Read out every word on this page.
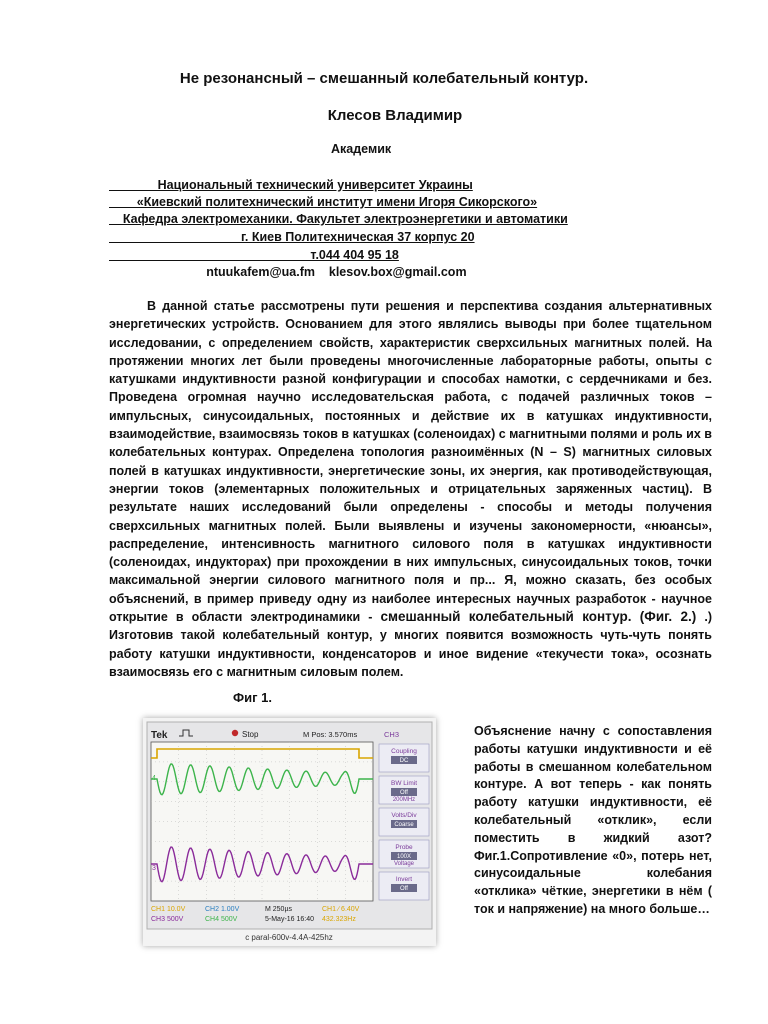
Не резонансный – смешанный колебательный контур.
Клесов Владимир
Академик
Национальный технический университет Украины
«Киевский политехнический институт имени Игоря Сикорского»
Кафедра электромеханики. Факультет электроэнергетики и автоматики
г. Киев Политехническая 37 корпус 20
т.044 404 95 18
ntuukafem@ua.fm    klesov.box@gmail.com

В данной статье рассмотрены пути решения и перспектива создания альтернативных энергетических устройств. Основанием для этого являлись выводы при более тщательном исследовании, с определением свойств, характеристик сверхсильных магнитных полей. На протяжении многих лет были проведены многочисленные лабораторные работы, опыты с катушками индуктивности разной конфигурации и способах намотки, с сердечниками и без. Проведена огромная научно исследовательская работа, с подачей различных токов – импульсных, синусоидальных, постоянных и действие их в катушках индуктивности, взаимодействие, взаимосвязь токов в катушках (соленоидах) с магнитными полями и роль их в колебательных контурах. Определена топология разноимённых (N – S) магнитных силовых полей в катушках индуктивности, энергетические зоны, их энергия, как противодействующая, энергии токов (элементарных положительных и отрицательных заряженных частиц). В результате наших исследований были определены - способы и методы получения сверхсильных магнитных полей. Были выявлены и изучены закономерности, «нюансы», распределение, интенсивность магнитного силового поля в катушках индуктивности (соленоидах, индукторах) при прохождении в них импульсных, синусоидальных токов, точки максимальной энергии силового магнитного поля и пр... Я, можно сказать, без особых объяснений, в пример приведу одну из наиболее интересных научных разработок - научное открытие в области электродинамики - смешанный колебательный контур. (Фиг. 2.) .) Изготовив такой колебательный контур, у многих появится возможность чуть-чуть понять работу катушки индуктивности, конденсаторов и иное видение «текучести тока», осознать взаимосвязь его с магнитным силовым полем.

Фиг 1.
Tek	Stop	M Pos: 3.570ms	CH3
4
3
Coupling
DC
BW Limit
Off
200MHz
Volts/Div
Coarse
Probe
100X
Voltage
Invert
Off
CH1 10.0V	CH2 1.00V	M 250µs	CH1 ∕ 6.40V
CH3 500V	CH4 500V	5-May-16 16:40 432.323Hz
c paral-600v-4.4A-425hz

Объяснение начну с сопоставления работы катушки индуктивности и её работы в смешанном колебательном контуре. А вот теперь - как понять работу катушки индуктивности, её колебательный «отклик», если поместить в жидкий азот? Фиг.1.Сопротивление «0», потерь нет, синусоидальные колебания «отклика» чёткие, энергетики в нём ( ток и напряжение) на много больше…
